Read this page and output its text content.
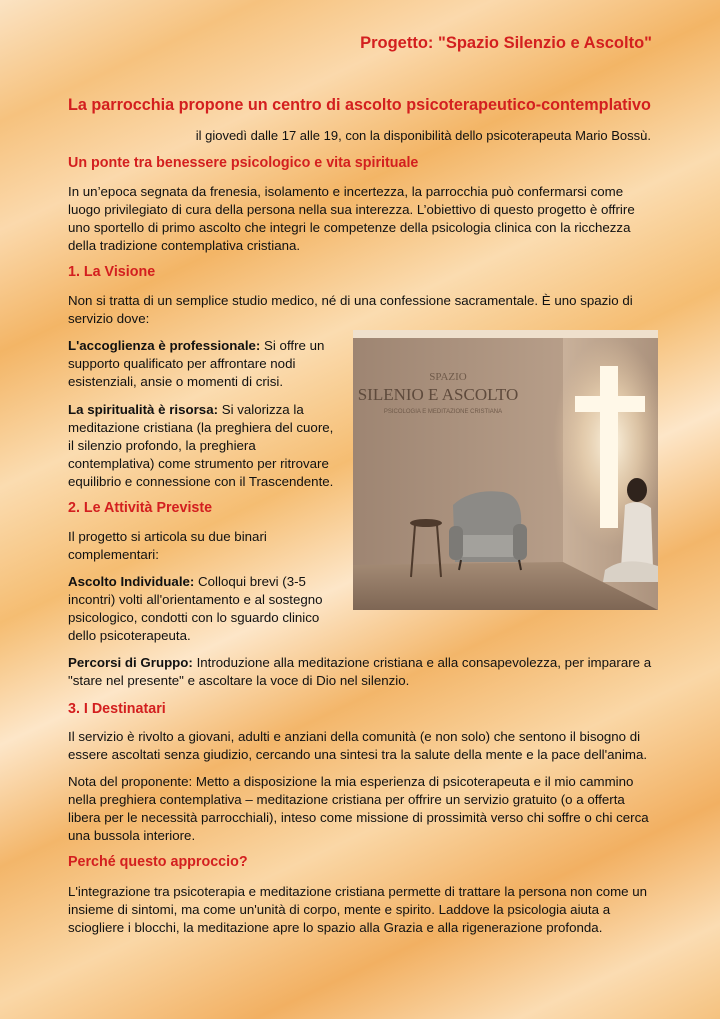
Progetto: "Spazio Silenzio e Ascolto"
La parrocchia propone un centro di ascolto psicoterapeutico-contemplativo
il giovedì dalle 17 alle 19, con la disponibilità dello psicoterapeuta Mario Bossù.
Un ponte tra benessere psicologico e vita spirituale
In un’epoca segnata da frenesia, isolamento e incertezza, la parrocchia può confermarsi come luogo privilegiato di cura della persona nella sua interezza. L’obiettivo di questo progetto è offrire uno sportello di primo ascolto che integri le competenze della psicologia clinica con la ricchezza della tradizione contemplativa cristiana.
1. La Visione
Non si tratta di un semplice studio medico, né di una confessione sacramentale. È uno spazio di servizio dove:
L'accoglienza è professionale: Si offre un supporto qualificato per affrontare nodi esistenziali, ansie o momenti di crisi.
La spiritualità è risorsa: Si valorizza la meditazione cristiana (la preghiera del cuore, il silenzio profondo, la preghiera contemplativa) come strumento per ritrovare equilibrio e connessione con il Trascendente.
2. Le Attività Previste
Il progetto si articola su due binari complementari:
Ascolto Individuale: Colloqui brevi (3-5 incontri) volti all'orientamento e al sostegno psicologico, condotti con lo sguardo clinico dello psicoterapeuta.
Percorsi di Gruppo: Introduzione alla meditazione cristiana e alla consapevolezza, per imparare a "stare nel presente" e ascoltare la voce di Dio nel silenzio.
3. I Destinatari
Il servizio è rivolto a giovani, adulti e anziani della comunità (e non solo) che sentono il bisogno di essere ascoltati senza giudizio, cercando una sintesi tra la salute della mente e la pace dell'anima.
Nota del proponente: Metto a disposizione la mia esperienza di psicoterapeuta e il mio cammino nella preghiera contemplativa – meditazione cristiana per offrire un servizio gratuito (o a offerta libera per le necessità parrocchiali), inteso come missione di prossimità verso chi soffre o chi cerca una bussola interiore.
Perché questo approccio?
L'integrazione tra psicoterapia e meditazione cristiana permette di trattare la persona non come un insieme di sintomi, ma come un'unità di corpo, mente e spirito. Laddove la psicologia aiuta a sciogliere i blocchi, la meditazione apre lo spazio alla Grazia e alla rigenerazione profonda.
SPAZIO
SILENIO E ASCOLTO
PSICOLOGIA E MEDITAZIONE CRISTIANA
